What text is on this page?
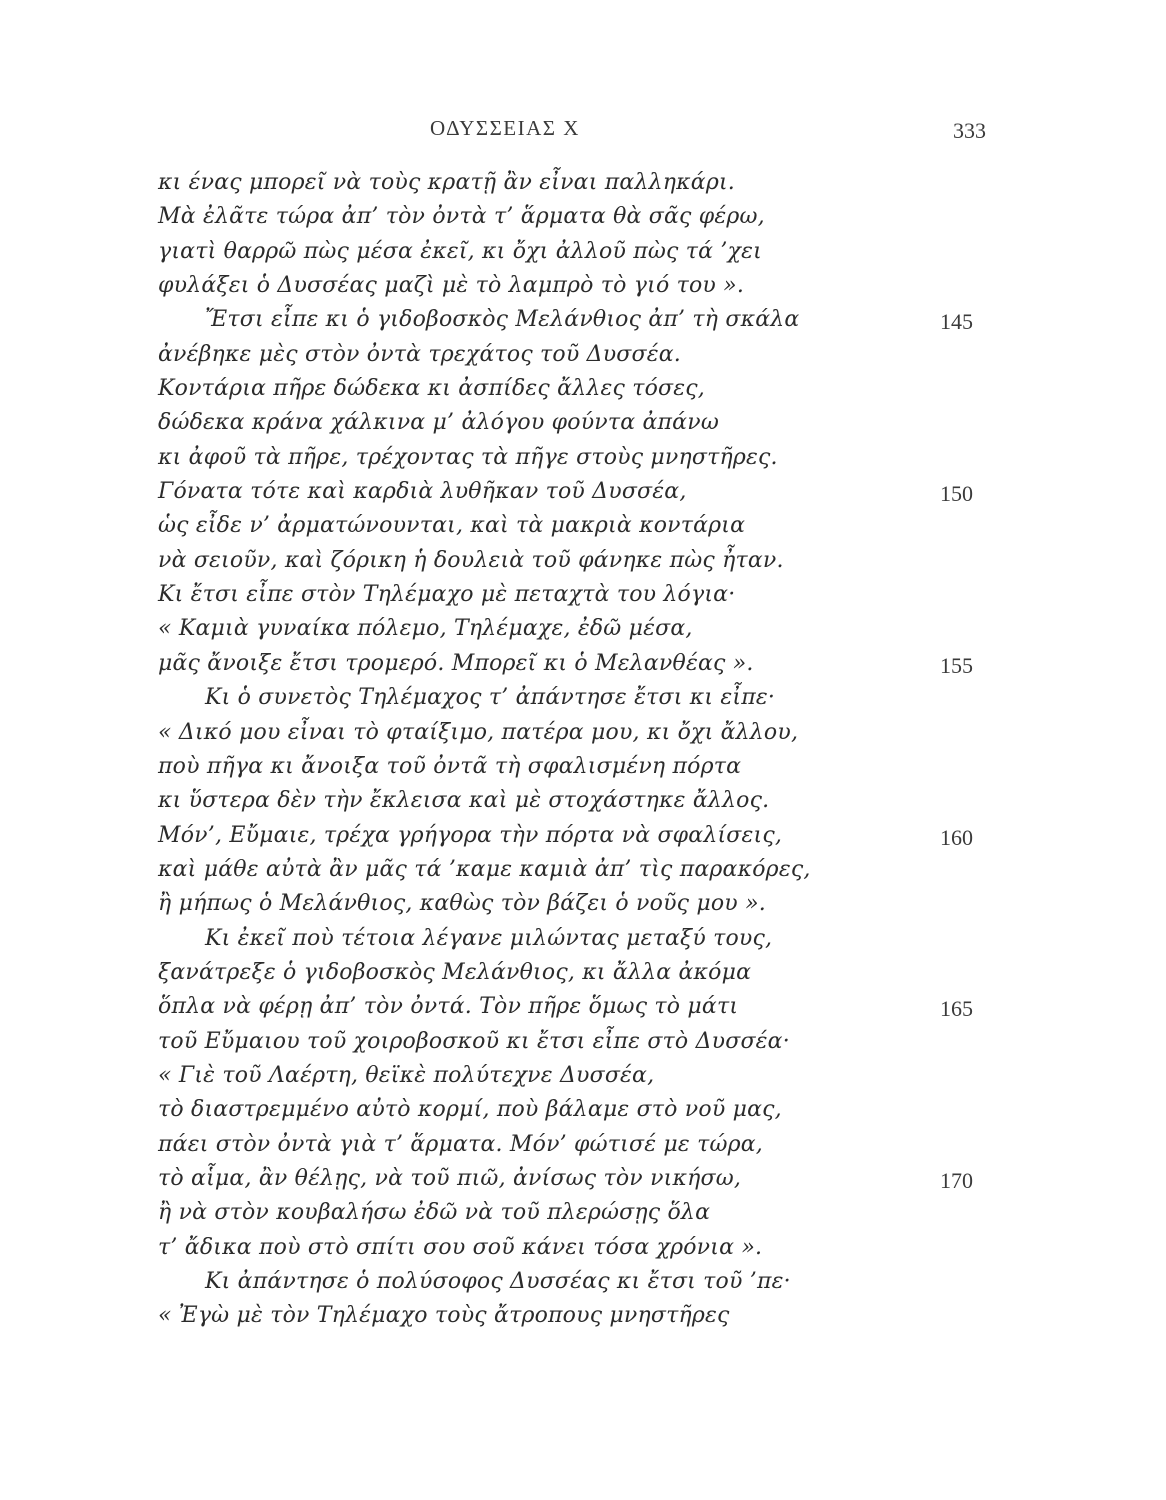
ΟΔΥΣΣΕΙΑΣ Χ	333
κι ένας μπορεῖ νὰ τοὺς κρατῇ ἂν εἶναι παλληκάρι.
Μὰ ἐλᾶτε τώρα ἀπ’ τὸν ὀντὰ τ’ ἅρματα θὰ σᾶς φέρω,
γιατὶ θαρρῶ πὼς μέσα ἐκεῖ, κι ὄχι ἀλλοῦ πὼς τά ’χει
φυλάξει ὁ Δυσσέας μαζὶ μὲ τὸ λαμπρὸ τὸ γιό του ».
Ἔτσι εἶπε κι ὁ γιδοβοσκὸς Μελάνθιος ἀπ’ τὴ σκάλα	145
ἀνέβηκε μὲς στὸν ὀντὰ τρεχάτος τοῦ Δυσσέα.
Κοντάρια πῆρε δώδεκα κι ἀσπίδες ἄλλες τόσες,
δώδεκα κράνα χάλκινα μ’ ἀλόγου φούντα ἀπάνω
κι ἀφοῦ τὰ πῆρε, τρέχοντας τὰ πῆγε στοὺς μνηστῆρες.
Γόνατα τότε καὶ καρδιὰ λυθῆκαν τοῦ Δυσσέα,	150
ὡς εἶδε ν’ ἀρματώνουνται, καὶ τὰ μακριὰ κοντάρια
νὰ σειοῦν, καὶ ζόρικη ἡ δουλειὰ τοῦ φάνηκε πὼς ἦταν.
Κι ἔτσι εἶπε στὸν Τηλέμαχο μὲ πεταχτὰ του λόγια·
« Καμιὰ γυναίκα πόλεμο, Τηλέμαχε, ἐδῶ μέσα,
μᾶς ἄνοιξε ἔτσι τρομερό. Μπορεῖ κι ὁ Μελανθέας ».	155
Κι ὁ συνετὸς Τηλέμαχος τ’ ἀπάντησε ἔτσι κι εἶπε·
« Δικό μου εἶναι τὸ φταίξιμο, πατέρα μου, κι ὄχι ἄλλου,
ποὺ πῆγα κι ἄνοιξα τοῦ ὀντᾶ τὴ σφαλισμένη πόρτα
κι ὕστερα δὲν τὴν ἔκλεισα καὶ μὲ στοχάστηκε ἄλλος.
Μόν’, Εὔμαιε, τρέχα γρήγορα τὴν πόρτα νὰ σφαλίσεις,	160
καὶ μάθε αὐτὰ ἂν μᾶς τά ’καμε καμιὰ ἀπ’ τὶς παρακόρες,
ἢ μήπως ὁ Μελάνθιος, καθὼς τὸν βάζει ὁ νοῦς μου ».
Κι ἐκεῖ ποὺ τέτοια λέγανε μιλώντας μεταξύ τους,
ξανάτρεξε ὁ γιδοβοσκὸς Μελάνθιος, κι ἄλλα ἀκόμα
ὅπλα νὰ φέρῃ ἀπ’ τὸν ὀντά. Τὸν πῆρε ὅμως τὸ μάτι	165
τοῦ Εὔμαιου τοῦ χοιροβοσκοῦ κι ἔτσι εἶπε στὸ Δυσσέα·
« Γιὲ τοῦ Λαέρτη, θεϊκὲ πολύτεχνε Δυσσέα,
τὸ διαστρεμμένο αὐτὸ κορμί, ποὺ βάλαμε στὸ νοῦ μας,
πάει στὸν ὀντὰ γιὰ τ’ ἅρματα. Μόν’ φώτισέ με τώρα,
τὸ αἷμα, ἂν θέλῃς, νὰ τοῦ πιῶ, ἀνίσως τὸν νικήσω,	170
ἢ νὰ στὸν κουβαλήσω ἐδῶ νὰ τοῦ πλερώσῃς ὅλα
τ’ ἄδικα ποὺ στὸ σπίτι σου σοῦ κάνει τόσα χρόνια ».
Κι ἀπάντησε ὁ πολύσοφος Δυσσέας κι ἔτσι τοῦ ’πε·
« Ἐγὼ μὲ τὸν Τηλέμαχο τοὺς ἄτροπους μνηστῆρες
